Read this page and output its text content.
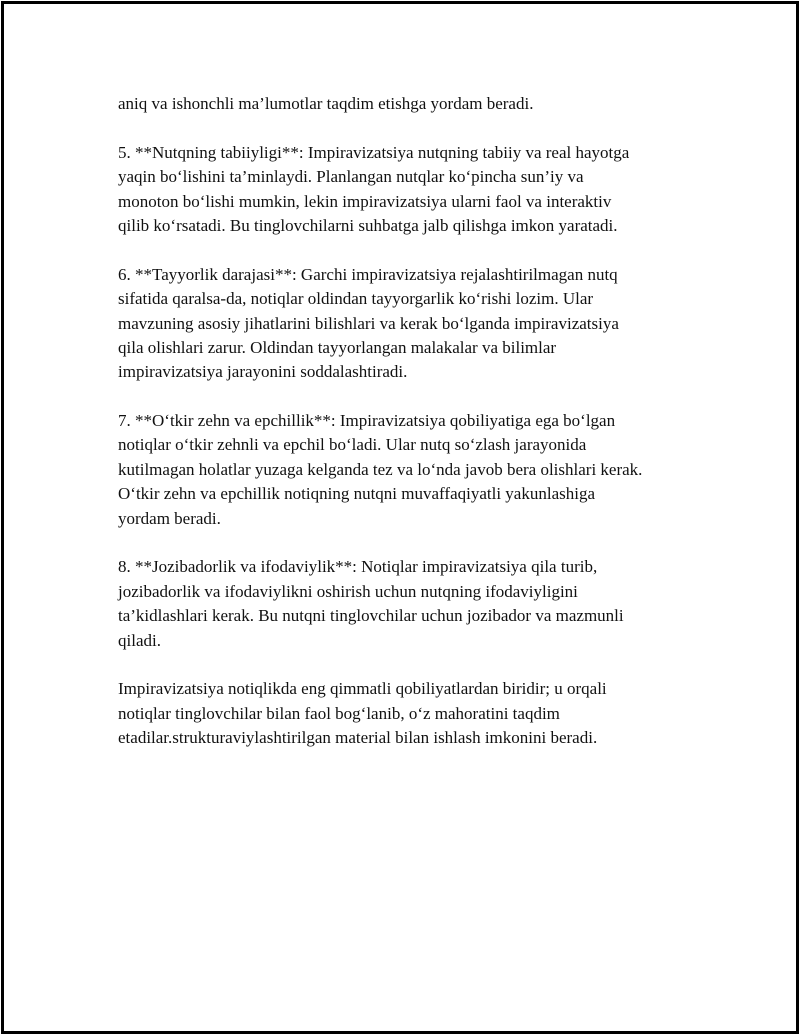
aniq va ishonchli ma’lumotlar taqdim etishga yordam beradi.
5. **Nutqning tabiiyligi**: Impiravizatsiya nutqning tabiiy va real hayotga
yaqin bo‘lishini ta’minlaydi. Planlangan nutqlar ko‘pincha sun’iy va
monoton bo‘lishi mumkin, lekin impiravizatsiya ularni faol va interaktiv
qilib ko‘rsatadi. Bu tinglovchilarni suhbatga jalb qilishga imkon yaratadi.
6. **Tayyorlik darajasi**: Garchi impiravizatsiya rejalashtirilmagan nutq
sifatida qaralsa-da, notiqlar oldindan tayyorgarlik ko‘rishi lozim. Ular
mavzuning asosiy jihatlarini bilishlari va kerak bo‘lganda impiravizatsiya
qila olishlari zarur. Oldindan tayyorlangan malakalar va bilimlar
impiravizatsiya jarayonini soddalashtiradi.
7. **O‘tkir zehn va epchillik**: Impiravizatsiya qobiliyatiga ega bo‘lgan
notiqlar o‘tkir zehnli va epchil bo‘ladi. Ular nutq so‘zlash jarayonida
kutilmagan holatlar yuzaga kelganda tez va lo‘nda javob bera olishlari kerak.
O‘tkir zehn va epchillik notiqning nutqni muvaffaqiyatli yakunlashiga
yordam beradi.
8. **Jozibadorlik va ifodaviylik**: Notiqlar impiravizatsiya qila turib,
jozibadorlik va ifodaviylikni oshirish uchun nutqning ifodaviyligini
ta’kidlashlari kerak. Bu nutqni tinglovchilar uchun jozibador va mazmunli
qiladi.
Impiravizatsiya notiqlikda eng qimmatli qobiliyatlardan biridir; u orqali
notiqlar tinglovchilar bilan faol bog‘lanib, o‘z mahoratini taqdim
etadilar.strukturaviylashtirilgan material bilan ishlash imkonini beradi.
